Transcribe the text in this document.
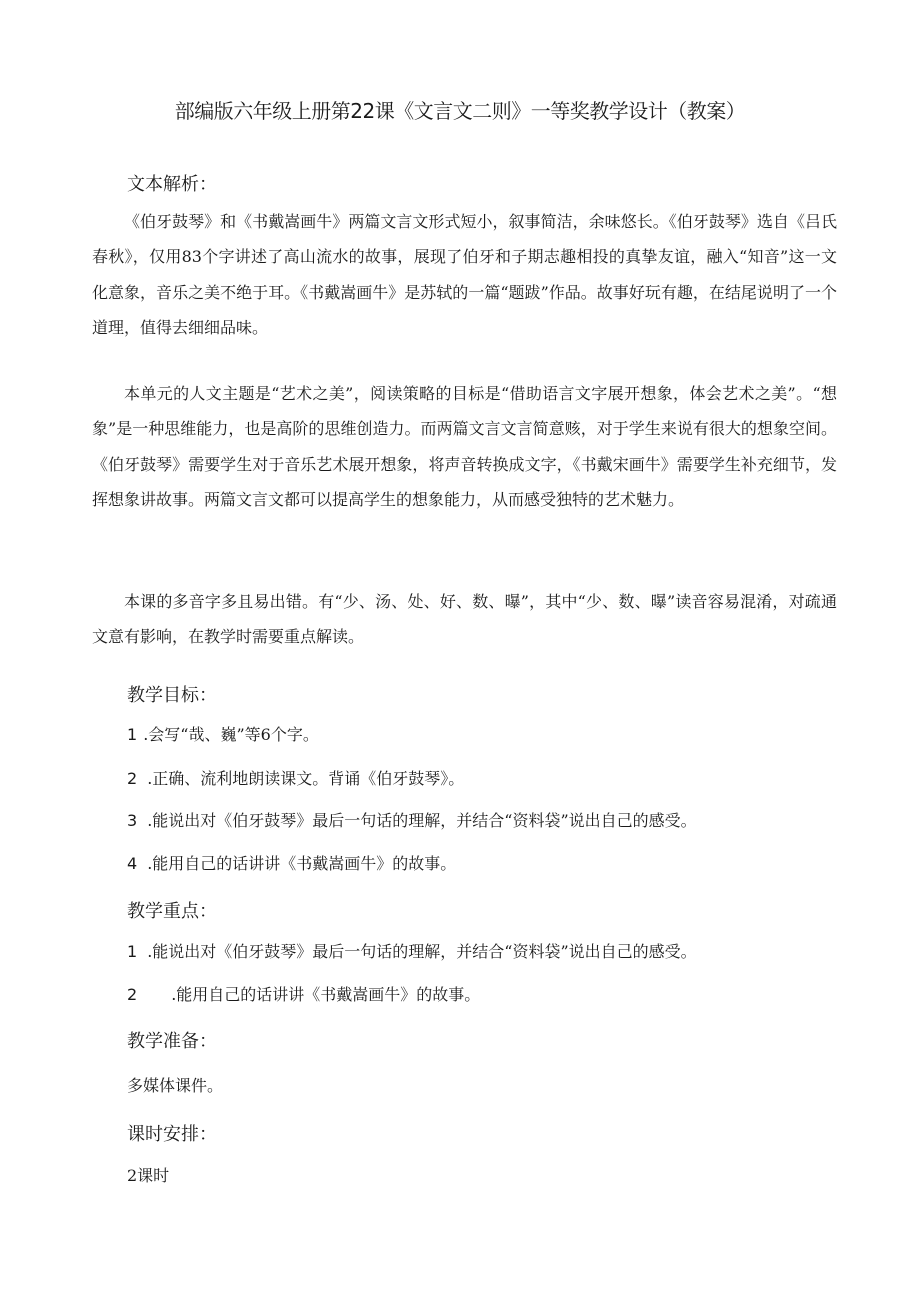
部编版六年级上册第22课《文言文二则》一等奖教学设计（教案）
文本解析：

《伯牙鼓琴》和《书戴嵩画牛》两篇文言文形式短小，叙事简洁，余味悠长。《伯牙鼓琴》选自《吕氏春秋》，仅用83个字讲述了高山流水的故事，展现了伯牙和子期志趣相投的真挚友谊，融入“知音”这一文化意象，音乐之美不绝于耳。《书戴嵩画牛》是苏轼的一篇“题跋”作品。故事好玩有趣，在结尾说明了一个道理，值得去细细品味。

本单元的人文主题是“艺术之美”，阅读策略的目标是“借助语言文字展开想象，体会艺术之美”。“想象”是一种思维能力，也是高阶的思维创造力。而两篇文言文言简意赅，对于学生来说有很大的想象空间。《伯牙鼓琴》需要学生对于音乐艺术展开想象，将声音转换成文字，《书戴宋画牛》需要学生补充细节，发挥想象讲故事。两篇文言文都可以提高学生的想象能力，从而感受独特的艺术魅力。

本课的多音字多且易出错。有“少、汤、处、好、数、曝”，其中“少、数、曝”读音容易混淆，对疏通文意有影响，在教学时需要重点解读。

教学目标：
1 .会写“哉、巍”等6个字。
2 .正确、流利地朗读课文。背诵《伯牙鼓琴》。
3 .能说出对《伯牙鼓琴》最后一句话的理解，并结合“资料袋”说出自己的感受。
4 .能用自己的话讲讲《书戴嵩画牛》的故事。
教学重点：
1 .能说出对《伯牙鼓琴》最后一句话的理解，并结合“资料袋”说出自己的感受。
2 .能用自己的话讲讲《书戴嵩画牛》的故事。
教学准备：
多媒体课件。
课时安排：
2课时
